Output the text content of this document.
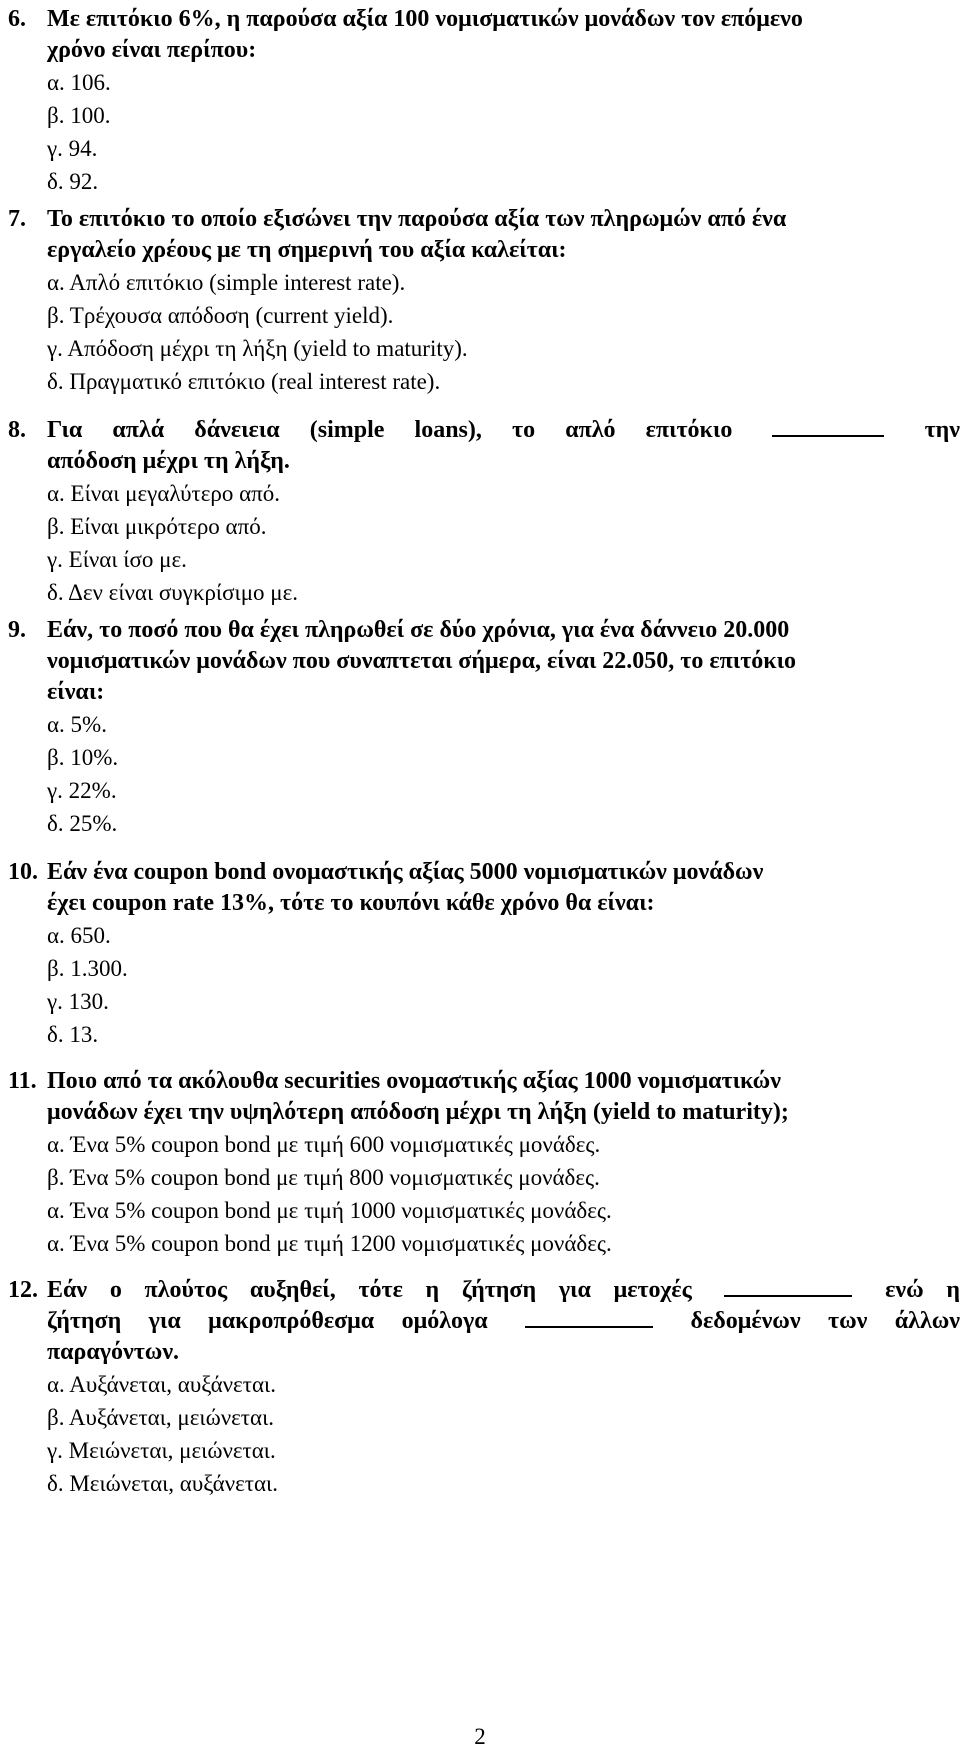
6. Με επιτόκιο 6%, η παρούσα αξία 100 νομισματικών μονάδων τον επόμενο
χρόνο είναι περίπου:
α. 106.
β. 100.
γ. 94.
δ. 92.
7. Το επιτόκιο το οποίο εξισώνει την παρούσα αξία των πληρωμών από ένα
εργαλείο χρέους με τη σημερινή του αξία καλείται:
α. Απλό επιτόκιο (simple interest rate).
β. Τρέχουσα απόδοση (current yield).
γ. Απόδοση μέχρι τη λήξη (yield to maturity).
δ. Πραγματικό επιτόκιο (real interest rate).
8. Για απλά δάνειεια (simple loans), το απλό επιτόκιο	την
απόδοση μέχρι τη λήξη.
α. Είναι μεγαλύτερο από.
β. Είναι μικρότερο από.
γ. Είναι ίσο με.
δ. Δεν είναι συγκρίσιμο με.
9. Εάν, το ποσό που θα έχει πληρωθεί σε δύο χρόνια, για ένα δάννειο 20.000
νομισματικών μονάδων που συναπτεται σήμερα, είναι 22.050, το επιτόκιο
είναι:
α. 5%.
β. 10%.
γ. 22%.
δ. 25%.
10. Εάν ένα coupon bond ονομαστικής αξίας 5000 νομισματικών μονάδων
έχει coupon rate 13%, τότε το κουπόνι κάθε χρόνο θα είναι:
α. 650.
β. 1.300.
γ. 130.
δ. 13.
11. Ποιο από τα ακόλουθα securities ονομαστικής αξίας 1000 νομισματικών
μονάδων έχει την υψηλότερη απόδοση μέχρι τη λήξη (yield to maturity);
α. Ένα 5% coupon bond με τιμή 600 νομισματικές μονάδες.
β. Ένα 5% coupon bond με τιμή 800 νομισματικές μονάδες.
α. Ένα 5% coupon bond με τιμή 1000 νομισματικές μονάδες.
α. Ένα 5% coupon bond με τιμή 1200 νομισματικές μονάδες.
12. Εάν ο πλούτος αυξηθεί, τότε η ζήτηση για μετοχές	ενώ η
ζήτηση για μακροπρόθεσμα ομόλογα	δεδομένων των άλλων
παραγόντων.
α. Αυξάνεται, αυξάνεται.
β. Αυξάνεται, μειώνεται.
γ. Μειώνεται, μειώνεται.
δ. Μειώνεται, αυξάνεται.
2
